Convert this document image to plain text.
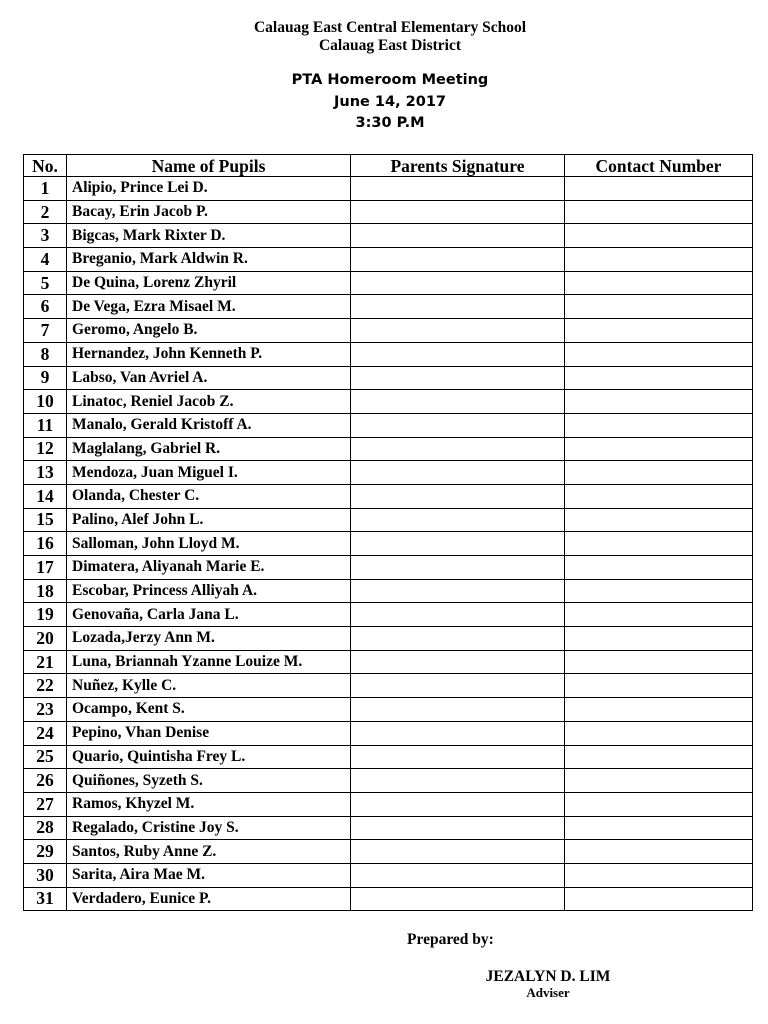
Calauag East Central Elementary School
Calauag East District
PTA Homeroom Meeting
June 14, 2017
3:30 P.M
No.	Name of Pupils	Parents Signature	Contact Number
1	Alipio, Prince Lei D.		
2	Bacay, Erin Jacob P.		
3	Bigcas, Mark Rixter D.		
4	Breganio, Mark Aldwin R.		
5	De Quina, Lorenz Zhyril		
6	De Vega, Ezra Misael M.		
7	Geromo, Angelo B.		
8	Hernandez, John Kenneth P.		
9	Labso, Van Avriel A.		
10	Linatoc, Reniel Jacob Z.		
11	Manalo, Gerald Kristoff A.		
12	Maglalang, Gabriel R.		
13	Mendoza, Juan Miguel I.		
14	Olanda, Chester C.		
15	Palino, Alef John L.		
16	Salloman, John Lloyd M.		
17	Dimatera, Aliyanah Marie E.		
18	Escobar, Princess Alliyah A.		
19	Genovaña, Carla Jana L.		
20	Lozada,Jerzy Ann M.		
21	Luna, Briannah Yzanne Louize M.		
22	Nuñez, Kylle C.		
23	Ocampo, Kent S.		
24	Pepino, Vhan Denise		
25	Quario, Quintisha Frey L.		
26	Quiñones, Syzeth S.		
27	Ramos, Khyzel M.		
28	Regalado, Cristine Joy S.		
29	Santos, Ruby Anne Z.		
30	Sarita, Aira Mae M.		
31	Verdadero, Eunice P.		
Prepared by:
JEZALYN D. LIM
Adviser
